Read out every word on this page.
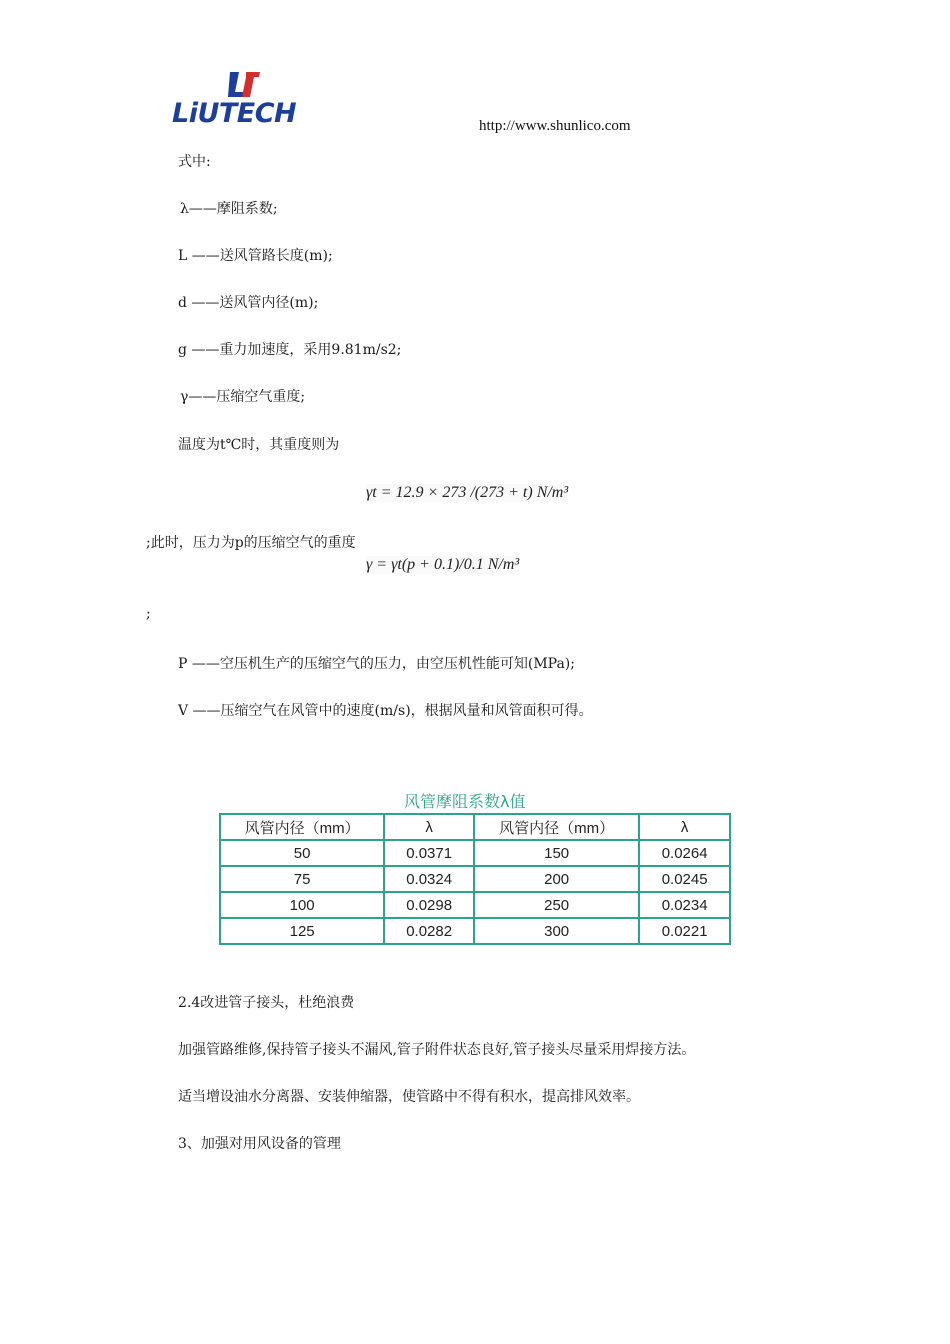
LiUTECH	http://www.shunlico.com
式中:
λ——摩阻系数;
L ——送风管路长度(m);
d ——送风管内径(m);
g ——重力加速度，采用9.81m/s2;
γ——压缩空气重度;
温度为t℃时，其重度则为
γt = 12.9 × 273 /(273 + t) N/m³
;此时，压力为p的压缩空气的重度
γ = γt(p + 0.1)/0.1 N/m³
;
P ——空压机生产的压缩空气的压力，由空压机性能可知(MPa);
V ——压缩空气在风管中的速度(m/s)，根据风量和风管面积可得。
风管摩阻系数λ值
风管内径（mm）	λ	风管内径（mm）	λ
50	0.0371	150	0.0264
75	0.0324	200	0.0245
100	0.0298	250	0.0234
125	0.0282	300	0.0221
2.4改进管子接头，杜绝浪费
加强管路维修,保持管子接头不漏风,管子附件状态良好,管子接头尽量采用焊接方法。
适当增设油水分离器、安装伸缩器，使管路中不得有积水，提高排风效率。
3、加强对用风设备的管理
